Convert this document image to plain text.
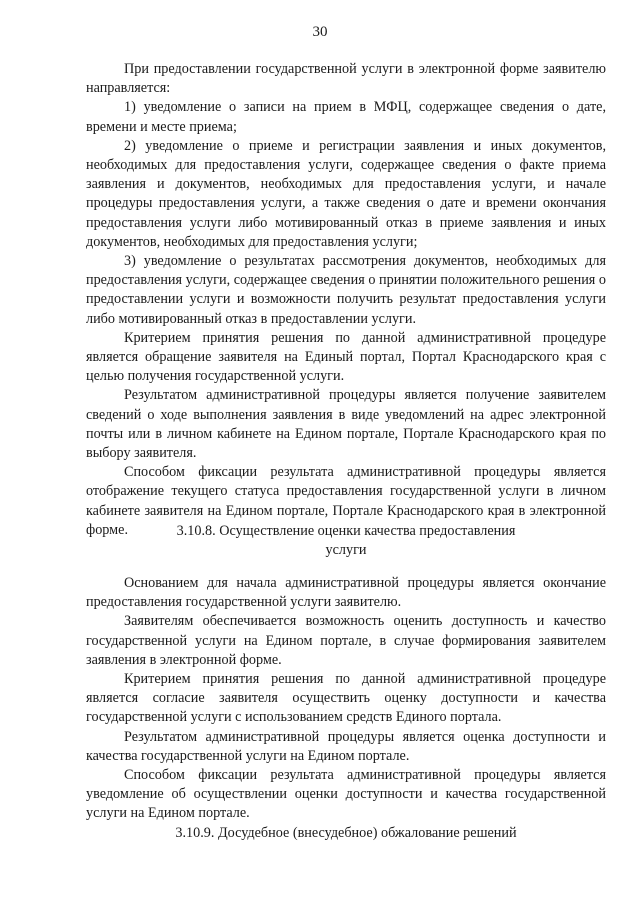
30

При предоставлении государственной услуги в электронной форме заявителю направляется:

1) уведомление о записи на прием в МФЦ, содержащее сведения о дате, времени и месте приема;

2) уведомление о приеме и регистрации заявления и иных документов, необходимых для предоставления услуги, содержащее сведения о факте приема заявления и документов, необходимых для предоставления услуги, и начале процедуры предоставления услуги, а также сведения о дате и времени окончания предоставления услуги либо мотивированный отказ в приеме заявления и иных документов, необходимых для предоставления услуги;

3) уведомление о результатах рассмотрения документов, необходимых для предоставления услуги, содержащее сведения о принятии положительного решения о предоставлении услуги и возможности получить результат предоставления услуги либо мотивированный отказ в предоставлении услуги.

Критерием принятия решения по данной административной процедуре является обращение заявителя на Единый портал, Портал Краснодарского края с целью получения государственной услуги.

Результатом административной процедуры является получение заявителем сведений о ходе выполнения заявления в виде уведомлений на адрес электронной почты или в личном кабинете на Едином портале, Портале Краснодарского края по выбору заявителя.

Способом фиксации результата административной процедуры является отображение текущего статуса предоставления государственной услуги в личном кабинете заявителя на Едином портале, Портале Краснодарского края в электронной форме.	3.10.8. Осуществление оценки качества предоставления
услуги

Основанием для начала административной процедуры является окончание предоставления государственной услуги заявителю.

Заявителям обеспечивается возможность оценить доступность и качество государственной услуги на Едином портале, в случае формирования заявителем заявления в электронной форме.

Критерием принятия решения по данной административной процедуре является согласие заявителя осуществить оценку доступности и качества государственной услуги с использованием средств Единого портала.

Результатом административной процедуры является оценка доступности и качества государственной услуги на Едином портале.

Способом фиксации результата административной процедуры является уведомление об осуществлении оценки доступности и качества государственной услуги на Едином портале.

3.10.9. Досудебное (внесудебное) обжалование решений
